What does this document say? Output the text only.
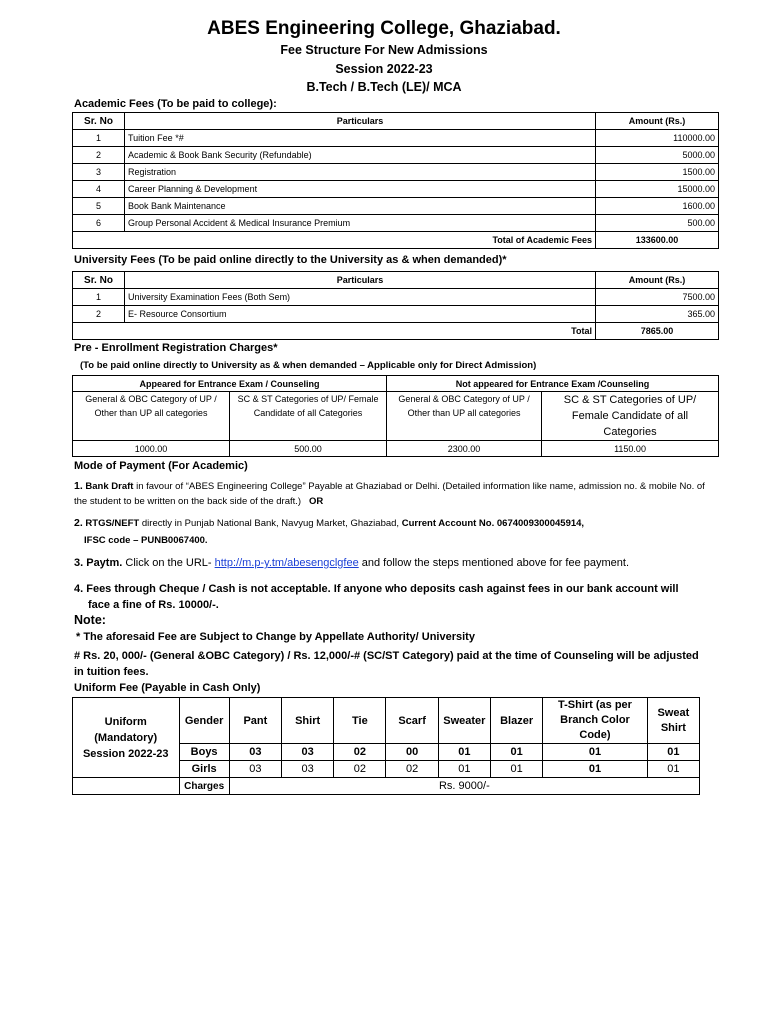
ABES Engineering College, Ghaziabad.
Fee Structure For New Admissions
Session 2022-23
B.Tech / B.Tech (LE)/ MCA
Academic Fees (To be paid to college):
Sr. No	Particulars	Amount (Rs.)
1	Tuition Fee *#	110000.00
2	Academic & Book Bank Security (Refundable)	5000.00
3	Registration	1500.00
4	Career Planning & Development	15000.00
5	Book Bank Maintenance	1600.00
6	Group Personal Accident & Medical Insurance Premium	500.00
Total of Academic Fees		133600.00
University Fees (To be paid online directly to the University as & when demanded)*
Sr. No	Particulars	Amount (Rs.)
1	University Examination Fees (Both Sem)	7500.00
2	E- Resource Consortium	365.00
Total		7865.00
Pre - Enrollment Registration Charges*
(To be paid online directly to University as & when demanded – Applicable only for Direct Admission)
Appeared for Entrance Exam / Counseling		Not appeared for Entrance Exam /Counseling	
General & OBC Category of UP / Other than UP all categories	SC & ST Categories of UP/ Female Candidate of all Categories	General & OBC Category of UP / Other than UP all categories	SC & ST Categories of UP/ Female Candidate of all Categories
1000.00	500.00	2300.00	1150.00
Mode of Payment (For Academic)
1. Bank Draft in favour of “ABES Engineering College” Payable at Ghaziabad or Delhi. (Detailed information like name, admission no. & mobile No. of the student to be written on the back side of the draft.) OR
2. RTGS/NEFT directly in Punjab National Bank, Navyug Market, Ghaziabad, Current Account No. 0674009300045914,
IFSC code – PUNB0067400.
3. Paytm. Click on the URL- http://m.p-y.tm/abesengclgfee and follow the steps mentioned above for fee payment.
4. Fees through Cheque / Cash is not acceptable. If anyone who deposits cash against fees in our bank account will
face a fine of Rs. 10000/-.
Note:
* The aforesaid Fee are Subject to Change by Appellate Authority/ University
# Rs. 20, 000/- (General &OBC Category) / Rs. 12,000/-# (SC/ST Category) paid at the time of Counseling will be adjusted
in tuition fees.
Uniform Fee (Payable in Cash Only)
Uniform
(Mandatory)
Session 2022-23	Gender	Pant	Shirt	Tie	Scarf	Sweater	Blazer	T-Shirt (as per Branch Color Code)	Sweat Shirt
	Boys	03	03	02	00	01	01	01	01
	Girls	03	03	02	02	01	01	01	01
	Charges	Rs. 9000/-							
